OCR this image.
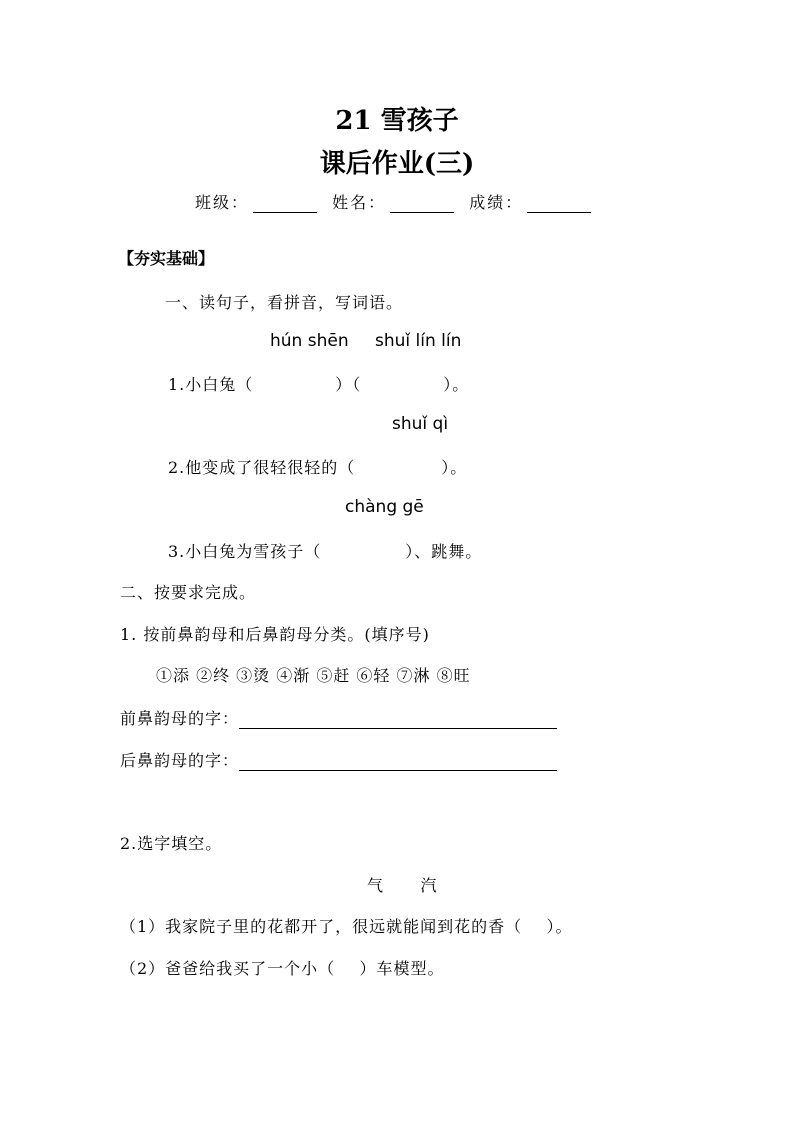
21 雪孩子
课后作业(三)
班级：	姓名：	成绩：
【夯实基础】
一、读句子，看拼音，写词语。
hún shēn shuǐ lín lín
1.小白兔（	）（	）。
shuǐ qì
2.他变成了很轻很轻的（	）。
chàng gē
3.小白兔为雪孩子（	）、跳舞。
二、按要求完成。
1. 按前鼻韵母和后鼻韵母分类。(填序号)
①添 ②终 ③烫 ④渐 ⑤赶 ⑥轻 ⑦淋 ⑧旺
前鼻韵母的字：
后鼻韵母的字：
2.选字填空。
气      汽
（1）我家院子里的花都开了，很远就能闻到花的香（    ）。
（2）爸爸给我买了一个小（    ）车模型。
